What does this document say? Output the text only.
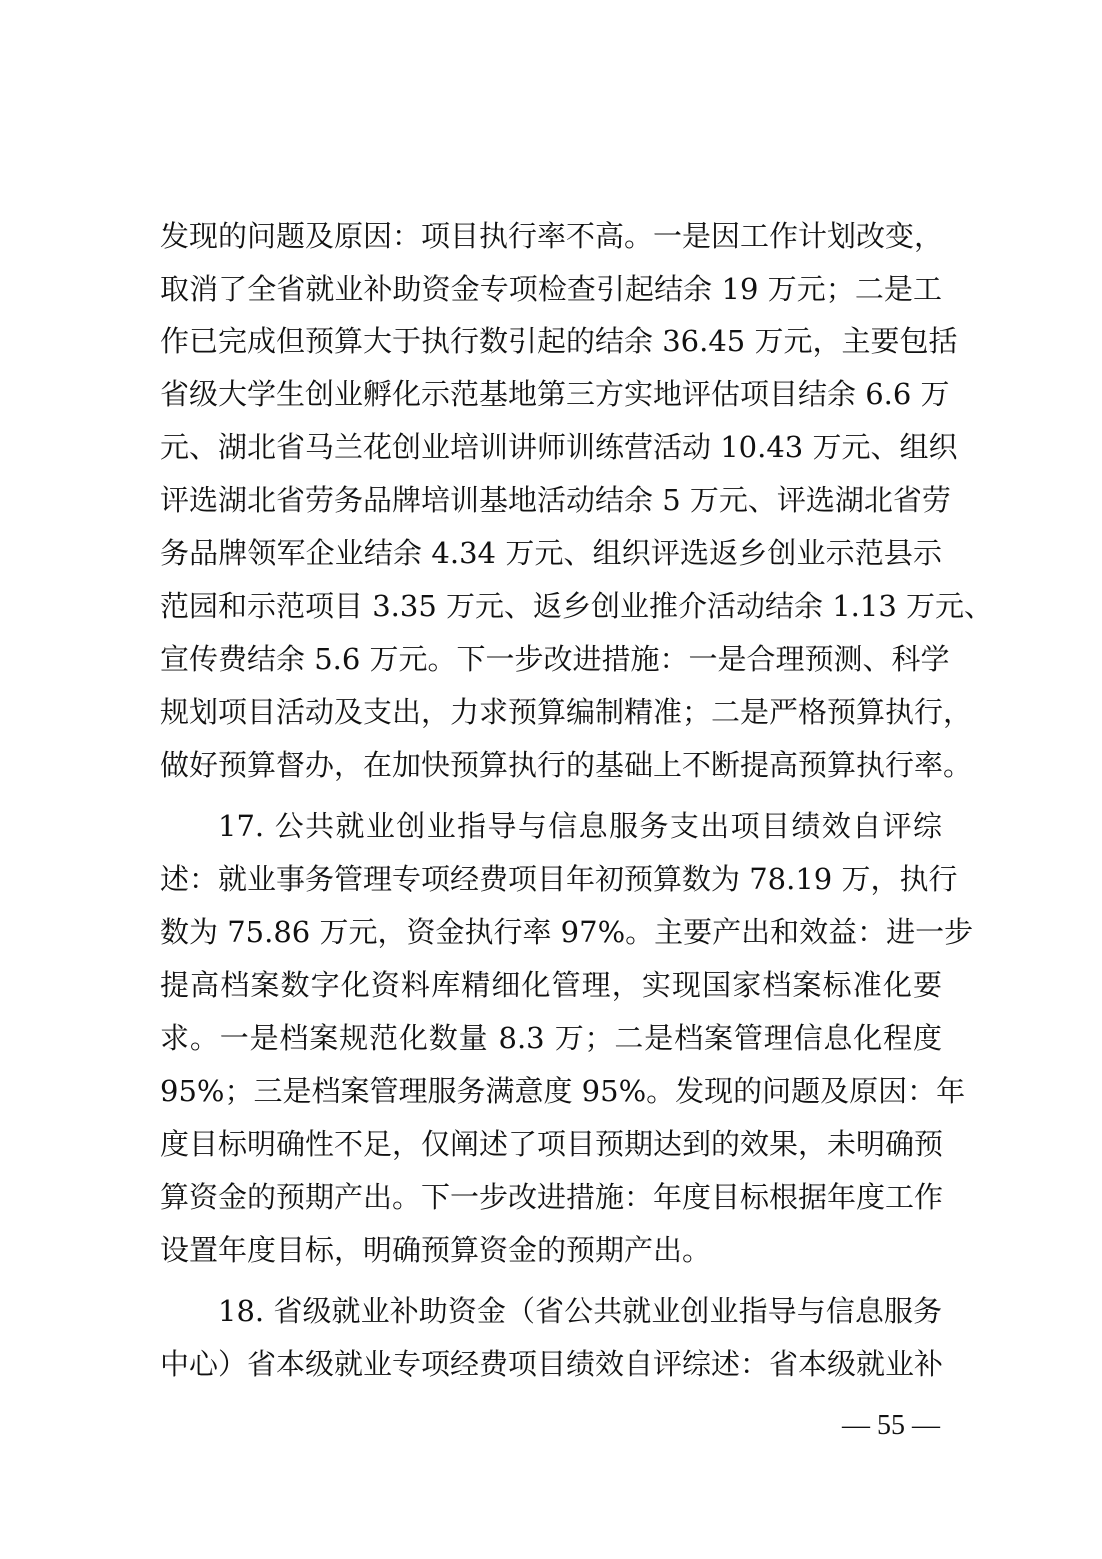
发现的问题及原因：项目执行率不高。一是因工作计划改变，
取消了全省就业补助资金专项检查引起结余 19 万元；二是工
作已完成但预算大于执行数引起的结余 36.45 万元，主要包括
省级大学生创业孵化示范基地第三方实地评估项目结余 6.6 万
元、湖北省马兰花创业培训讲师训练营活动 10.43 万元、组织
评选湖北省劳务品牌培训基地活动结余 5 万元、评选湖北省劳
务品牌领军企业结余 4.34 万元、组织评选返乡创业示范县示
范园和示范项目 3.35 万元、返乡创业推介活动结余 1.13 万元、
宣传费结余 5.6 万元。下一步改进措施：一是合理预测、科学
规划项目活动及支出，力求预算编制精准；二是严格预算执行，
做好预算督办，在加快预算执行的基础上不断提高预算执行率。
17. 公共就业创业指导与信息服务支出项目绩效自评综
述：就业事务管理专项经费项目年初预算数为 78.19 万，执行
数为 75.86 万元，资金执行率 97%。主要产出和效益：进一步
提高档案数字化资料库精细化管理，实现国家档案标准化要
求。一是档案规范化数量 8.3 万；二是档案管理信息化程度
95%；三是档案管理服务满意度 95%。发现的问题及原因：年
度目标明确性不足，仅阐述了项目预期达到的效果，未明确预
算资金的预期产出。下一步改进措施：年度目标根据年度工作
设置年度目标，明确预算资金的预期产出。
18. 省级就业补助资金（省公共就业创业指导与信息服务
中心）省本级就业专项经费项目绩效自评综述：省本级就业补
— 55 —
